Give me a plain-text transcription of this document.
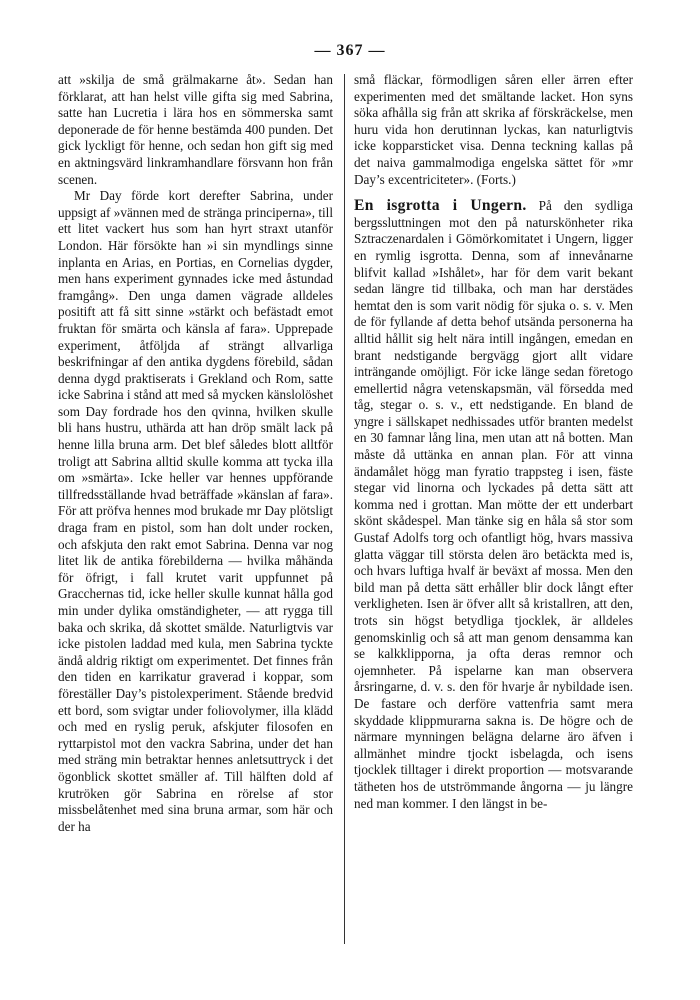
— 367 —

att »skilja de små grälmakarne åt». Sedan han förklarat, att han helst ville gifta sig med Sabrina, satte han Lucretia i lära hos en sömmerska samt deponerade de för henne bestämda 400 punden. Det gick lyckligt för henne, och sedan hon gift sig med en aktningsvärd linkramhandlare försvann hon från scenen.

Mr Day förde kort derefter Sabrina, under uppsigt af »vännen med de stränga principerna», till ett litet vackert hus som han hyrt straxt utanför London. Här försökte han »i sin myndlings sinne inplanta en Arias, en Portias, en Cornelias dygder, men hans experiment gynnades icke med åstundad framgång». Den unga damen vägrade alldeles positift att få sitt sinne »stärkt och befästadt emot fruktan för smärta och känsla af fara». Upprepade experiment, åtföljda af strängt allvarliga beskrifningar af den antika dygdens förebild, sådan denna dygd praktiserats i Grekland och Rom, satte icke Sabrina i stånd att med så mycken känslolöshet som Day fordrade hos den qvinna, hvilken skulle bli hans hustru, uthärda att han dröp smält lack på henne lilla bruna arm. Det blef således blott alltför troligt att Sabrina alltid skulle komma att tycka illa om »smärta». Icke heller var hennes uppförande tillfredsställande hvad beträffade »känslan af fara». För att pröfva hennes mod brukade mr Day plötsligt draga fram en pistol, som han dolt under rocken, och afskjuta den rakt emot Sabrina. Denna var nog litet lik de antika förebilderna — hvilka måhända för öfrigt, i fall krutet varit uppfunnet på Gracchernas tid, icke heller skulle kunnat hålla god min under dylika omständigheter, — att rygga till baka och skrika, då skottet smälde. Naturligtvis var icke pistolen laddad med kula, men Sabrina tyckte ändå aldrig riktigt om experimentet. Det finnes från den tiden en karrikatur graverad i koppar, som föreställer Day’s pistolexperiment. Stående bredvid ett bord, som svigtar under foliovolymer, illa klädd och med en ryslig peruk, afskjuter filosofen en ryttarpistol mot den vackra Sabrina, under det han med sträng min betraktar hennes anletsuttryck i det ögonblick skottet smäller af. Till hälften dold af krutröken gör Sabrina en rörelse af stor missbelåtenhet med sina bruna armar, som här och der ha

små fläckar, förmodligen såren eller ärren efter experimenten med det smältande lacket. Hon syns söka afhålla sig från att skrika af förskräckelse, men huru vida hon derutinnan lyckas, kan naturligtvis icke kopparsticket visa. Denna teckning kallas på det naiva gammalmodiga engelska sättet för »mr Day’s excentriciteter». (Forts.)

En isgrotta i Ungern. På den sydliga bergssluttningen mot den på naturskönheter rika Sztraczenardalen i Gömörkomitatet i Ungern, ligger en rymlig isgrotta. Denna, som af innevånarne blifvit kallad »Ishålet», har för dem varit bekant sedan längre tid tillbaka, och man har derstädes hemtat den is som varit nödig för sjuka o. s. v. Men de för fyllande af detta behof utsända personerna ha alltid hållit sig helt nära intill ingången, emedan en brant nedstigande bergvägg gjort allt vidare inträngande omöjligt. För icke länge sedan företogo emellertid några vetenskapsmän, väl försedda med tåg, stegar o. s. v., ett nedstigande. En bland de yngre i sällskapet nedhissades utför branten medelst en 30 famnar lång lina, men utan att nå botten. Man måste då uttänka en annan plan. För att vinna ändamålet högg man fyratio trappsteg i isen, fäste stegar vid linorna och lyckades på detta sätt att komma ned i grottan. Man mötte der ett underbart skönt skådespel. Man tänke sig en håla så stor som Gustaf Adolfs torg och ofantligt hög, hvars massiva glatta väggar till största delen äro betäckta med is, och hvars luftiga hvalf är beväxt af mossa. Men den bild man på detta sätt erhåller blir dock långt efter verkligheten. Isen är öfver allt så kristallren, att den, trots sin högst betydliga tjocklek, är alldeles genomskinlig och så att man genom densamma kan se kalkklipporna, ja ofta deras remnor och ojemnheter. På ispelarne kan man observera årsringarne, d. v. s. den för hvarje år nybildade isen. De fastare och derföre vattenfria samt mera skyddade klippmurarna sakna is. De högre och de närmare mynningen belägna delarne äro äfven i allmänhet mindre tjockt isbelagda, och isens tjocklek tilltager i direkt proportion — motsvarande tätheten hos de utströmmande ångorna — ju längre ned man kommer. I den längst in be-
